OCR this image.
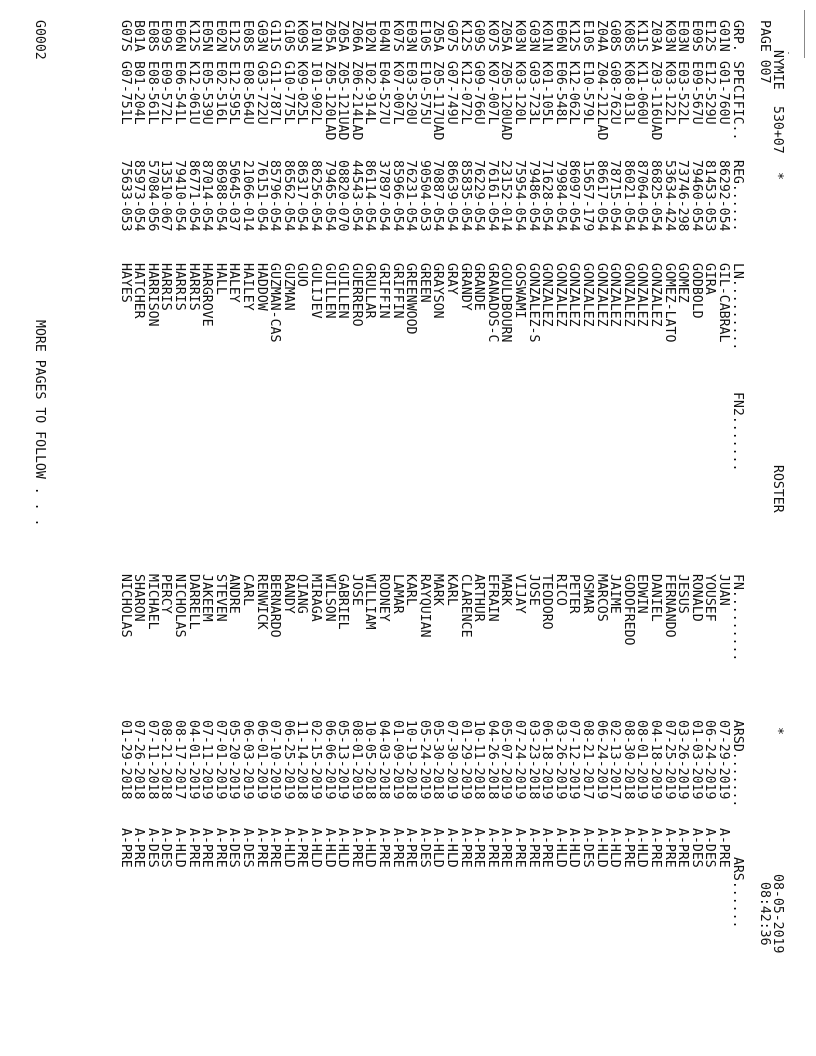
NYMIE

530+07

*

ROSTER

*

08-05-2019

PAGE 007

08:42:36

GRP.

SPECIFIC..

REG......

LN.........

FN2.......

FN.........

ARSD.......

ARS......

G01N
G01-760U
86292-054
GIL-CABRAL
JUAN
07-29-2019
A-PRE
E12S
E12-529U
81453-053
GIRA
YOUSEF
06-24-2019
A-DES
E09S
E09-567U
79460-054
GODBOLD
RONALD
01-03-2019
A-DES
E03N
E03-522L
73746-298
GOMEZ
JESUS
03-26-2019
A-PRE
K03N
K03-122L
53634-424
GOMEZ-LATO
FERNANDO
07-25-2019
A-PRE
Z03A
Z03-116UAD
86825-054
GONZALEZ
DANIEL
04-18-2019
A-PRE
K11S
K11-060U
87064-054
GONZALEZ
EDWIN
08-01-2019
A-HLD
K08S
K08-013L
86021-054
GONZALEZ
GODOFREDO
08-30-2018
A-PRE
G08S
G08-762U
78715-054
GONZALEZ
JAIME
02-13-2017
A-HLD
Z04A
Z04-212LAD
86617-054
GONZALEZ
MARCOS
06-24-2019
A-HLD
E10S
E10-579L
15657-179
GONZALEZ
OSMAR
08-21-2017
A-DES
K12S
K12-062L
86097-054
GONZALEZ
PETER
07-12-2019
A-HLD
E06N
E06-548L
79984-054
GONZALEZ
RICO
03-26-2019
A-HLD
K01N
K01-105L
71628-054
GONZALEZ
TEODORO
06-18-2019
A-PRE
G03N
G03-723L
79486-054
GONZALEZ-S
JOSE
03-23-2018
A-PRE
K03N
K03-120L
75954-054
GOSWAMI
VIJAY
07-24-2019
A-PRE
Z05A
Z05-120UAD
23152-014
GOULDBOURN
MARK
05-07-2019
A-PRE
K07S
K07-007L
76161-054
GRANADOS-C
EFRAIN
04-26-2018
A-PRE
G09S
G09-766U
76229-054
GRANDE
ARTHUR
10-11-2018
A-PRE
K12S
K12-072L
85835-054
GRANDY
CLARENCE
01-29-2019
A-PRE
G07S
G07-749U
86639-054
GRAY
KARL
07-30-2019
A-HLD
Z05A
Z05-117UAD
70887-054
GRAYSON
MARK
05-30-2018
A-HLD
E10S
E10-575U
90504-053
GREEN
RAYQUIAN
05-24-2019
A-DES
E03N
E03-520U
76231-054
GREENWOOD
KARL
10-19-2018
A-PRE
K07S
K07-007L
85966-054
GRIFFIN
LAMAR
01-09-2019
A-PRE
E04N
E04-527U
37897-054
GRIFFIN
RODNEY
04-03-2018
A-PRE
I02N
I02-914L
86114-054
GRULLAR
WILLIAM
10-05-2018
A-HLD
Z06A
Z06-214LAD
44543-054
GUERRERO
JOSE
08-01-2019
A-PRE
Z05A
Z05-121UAD
08820-070
GUILLEN
GABRIEL
05-13-2019
A-HLD
Z05A
Z05-120LAD
79465-054
GUILLEN
WILSON
06-06-2019
A-HLD
I01N
I01-902L
86256-054
GULIJEV
MIRAGA
02-15-2019
A-HLD
K09S
K09-025L
86317-054
GUO
QIANG
11-14-2018
A-PRE
G10S
G10-775L
86562-054
GUZMAN
RANDY
06-25-2019
A-HLD
G11S
G11-787L
85796-054
GUZMAN-CAS
BERNARDO
07-10-2019
A-PRE
G03N
G03-722U
76151-054
HADDOW
RENWICK
06-01-2019
A-PRE
E08S
E08-564U
21066-014
HAILEY
CARL
06-03-2019
A-DES
E12S
E12-595L
50645-037
HALEY
ANDRE
05-20-2019
A-DES
E02N
E02-516L
86988-054
HALL
STEVEN
07-01-2019
A-PRE
E05N
E05-539U
87014-054
HARGROVE
JAKEEM
07-11-2019
A-PRE
K12S
K12-061U
86771-054
HARRIS
DARRELL
04-01-2019
A-PRE
E06N
E06-541L
79410-054
HARRIS
NICHOLAS
08-17-2017
A-HLD
E09S
E09-572L
13510-067
HARRIS
PERCY
08-21-2018
A-DES
E08S
E08-561L
57084-056
HARRISON
MICHAEL
07-11-2018
A-DES
B01A
B01-204L
85973-054
HATCHER
SHARON
07-26-2018
A-PRE
G07S
G07-751L
75633-053
HAYES
NICHOLAS
01-29-2018
A-PRE

G0002

MORE PAGES TO FOLLOW . . .
